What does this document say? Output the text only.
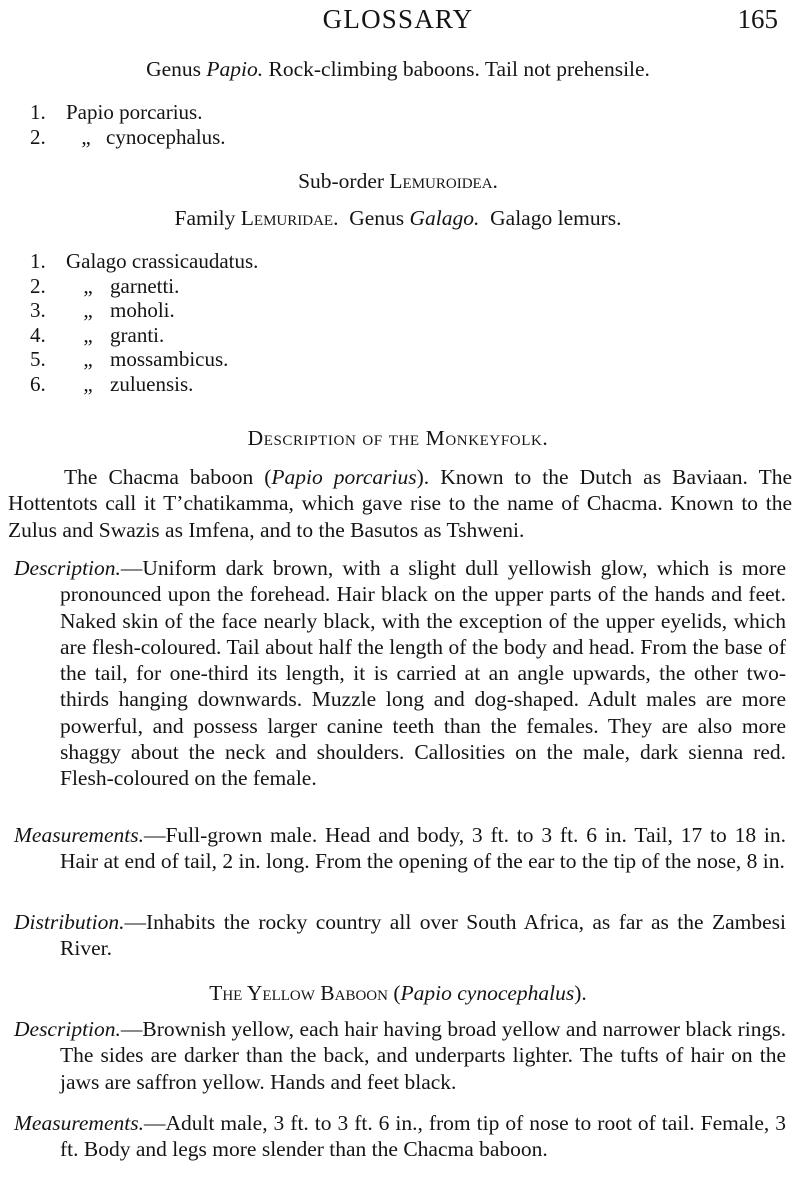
GLOSSARY	165
Genus Papio. Rock-climbing baboons. Tail not prehensile.
1. Papio porcarius.
2. „ cynocephalus.
Sub-order Lemuroidea.
Family Lemuridae. Genus Galago. Galago lemurs.
1. Galago crassicaudatus.
2. „ garnetti.
3. „ moholi.
4. „ granti.
5. „ mossambicus.
6. „ zuluensis.
Description of the Monkeyfolk.

The Chacma baboon (Papio porcarius). Known to the Dutch as Baviaan. The Hottentots call it T’chatikamma, which gave rise to the name of Chacma. Known to the Zulus and Swazis as Imfena, and to the Basutos as Tshweni.

Description.—Uniform dark brown, with a slight dull yellowish glow, which is more pronounced upon the forehead. Hair black on the upper parts of the hands and feet. Naked skin of the face nearly black, with the exception of the upper eyelids, which are flesh-coloured. Tail about half the length of the body and head. From the base of the tail, for one-third its length, it is carried at an angle upwards, the other two-thirds hanging downwards. Muzzle long and dog-shaped. Adult males are more powerful, and possess larger canine teeth than the females. They are also more shaggy about the neck and shoulders. Callosities on the male, dark sienna red. Flesh-coloured on the female.

Measurements.—Full-grown male. Head and body, 3 ft. to 3 ft. 6 in. Tail, 17 to 18 in. Hair at end of tail, 2 in. long. From the opening of the ear to the tip of the nose, 8 in.

Distribution.—Inhabits the rocky country all over South Africa, as far as the Zambesi River.

The Yellow Baboon (Papio cynocephalus).

Description.—Brownish yellow, each hair having broad yellow and narrower black rings. The sides are darker than the back, and underparts lighter. The tufts of hair on the jaws are saffron yellow. Hands and feet black.

Measurements.—Adult male, 3 ft. to 3 ft. 6 in., from tip of nose to root of tail. Female, 3 ft. Body and legs more slender than the Chacma baboon.
